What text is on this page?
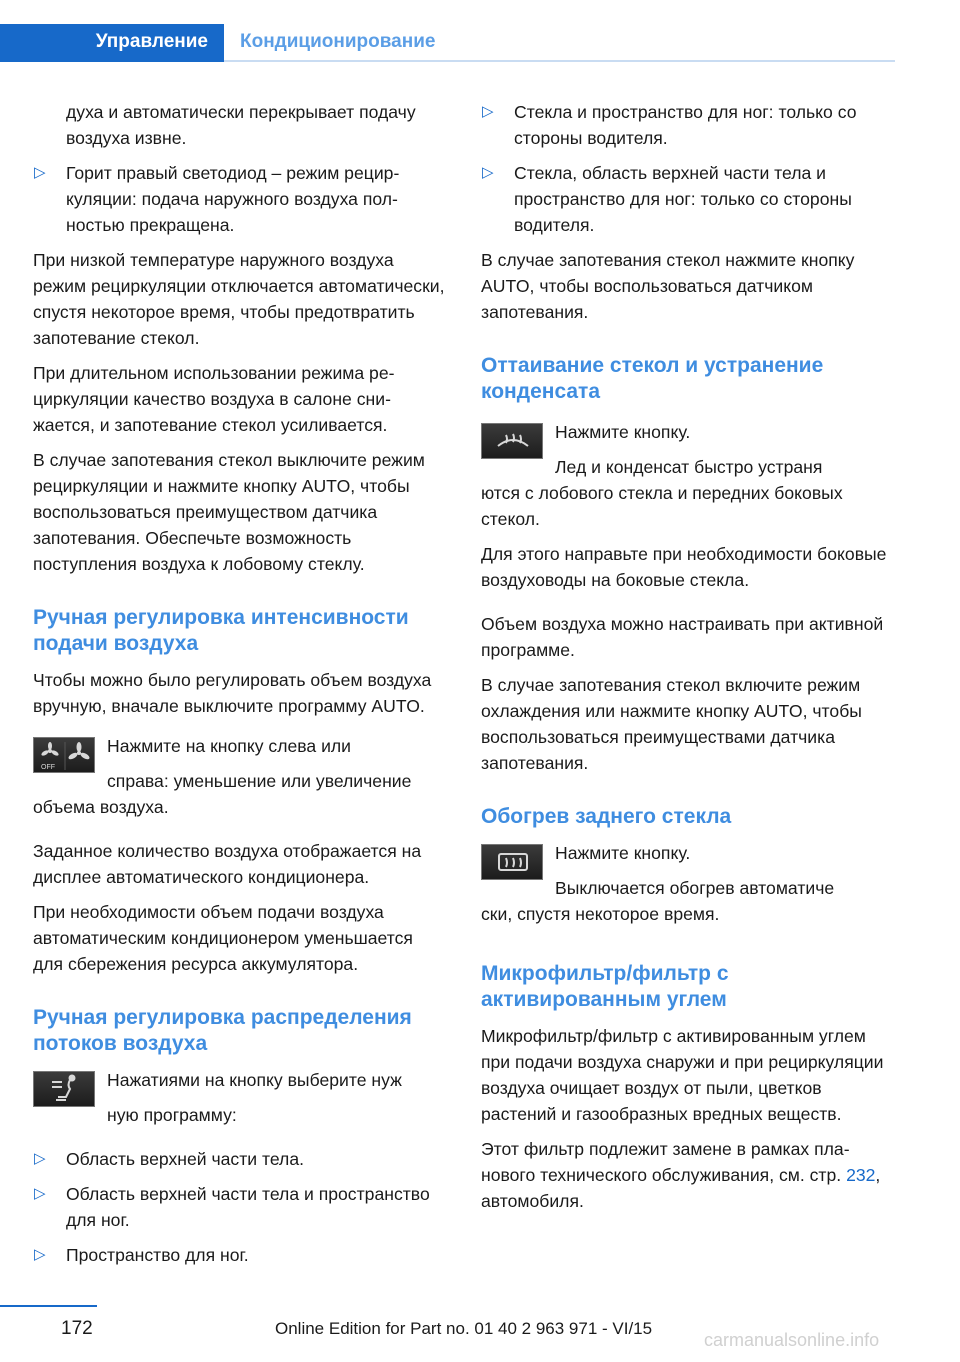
Управление Кондиционирование
духа и автоматически перекрывает подачу воздуха извне.
▷ Горит правый светодиод – режим рециркуляции: подача наружного воздуха полностью прекращена.

При низкой температуре наружного воздуха режим рециркуляции отключается автоматически, спустя некоторое время, чтобы предотвратить запотевание стекол.

При длительном использовании режима рециркуляции качество воздуха в салоне снижается, и запотевание стекол усиливается.

В случае запотевания стекол выключите режим рециркуляции и нажмите кнопку AUTO, чтобы воспользоваться преимуществом датчика запотевания. Обеспечьте возможность поступления воздуха к лобовому стеклу.

Ручная регулировка интенсивности подачи воздуха

Чтобы можно было регулировать объем воздуха вручную, вначале выключите программу AUTO.

OFF
Нажмите на кнопку слева или
справа: уменьшение или увеличение

объема воздуха.

Заданное количество воздуха отображается на дисплее автоматического кондиционера.

При необходимости объем подачи воздуха автоматическим кондиционером уменьшается для сбережения ресурса аккумулятора.

Ручная регулировка распределения потоков воздуха
Нажатиями на кнопку выберите нуж
ную программу:
▷ Область верхней части тела.
▷ Область верхней части тела и пространство для ног.
▷ Пространство для ног.
▷ Стекла и пространство для ног: только со стороны водителя.
▷ Стекла, область верхней части тела и пространство для ног: только со стороны водителя.

В случае запотевания стекол нажмите кнопку AUTO, чтобы воспользоваться датчиком запотевания.

Оттаивание стекол и устранение конденсата
Нажмите кнопку.
Лед и конденсат быстро устраня

ются с лобового стекла и передних боковых стекол.

Для этого направьте при необходимости боковые воздуховоды на боковые стекла.

Объем воздуха можно настраивать при активной программе.

В случае запотевания стекол включите режим охлаждения или нажмите кнопку AUTO, чтобы воспользоваться преимуществами датчика запотевания.

Обогрев заднего стекла
Нажмите кнопку.
Выключается обогрев автоматиче

ски, спустя некоторое время.

Микрофильтр/фильтр с активированным углем

Микрофильтр/фильтр с активированным углем при подачи воздуха снаружи и при рециркуляции воздуха очищает воздух от пыли, цветков растений и газообразных вредных веществ.

Этот фильтр подлежит замене в рамках планового технического обслуживания, см. стр. 232, автомобиля.

172	Online Edition for Part no. 01 40 2 963 971 - VI/15
carmanualsonline.info
